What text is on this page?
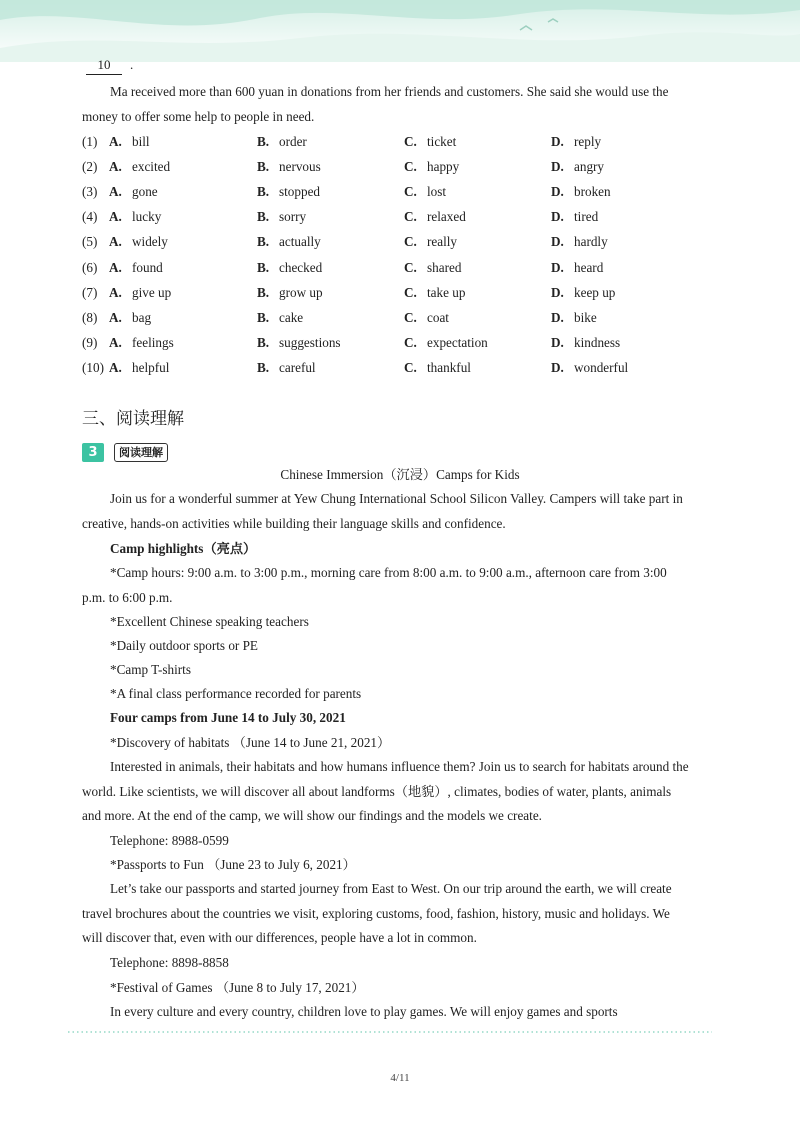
10	.

Ma received more than 600 yuan in donations from her friends and customers. She said she would use the money to offer some help to people in need.

(1) A. bill	B. order	C. ticket	D. reply
(2) A. excited	B. nervous	C. happy	D. angry
(3) A. gone	B. stopped	C. lost	D. broken
(4) A. lucky	B. sorry	C. relaxed	D. tired
(5) A. widely	B. actually	C. really	D. hardly
(6) A. found	B. checked	C. shared	D. heard
(7) A. give up	B. grow up	C. take up	D. keep up
(8) A. bag	B. cake	C. coat	D. bike
(9) A. feelings	B. suggestions	C. expectation	D. kindness
(10) A. helpful	B. careful	C. thankful	D. wonderful
三、阅读理解
3	阅读理解
Chinese Immersion（沉浸）Camps for Kids

Join us for a wonderful summer at Yew Chung International School Silicon Valley. Campers will take part in creative, hands-on activities while building their language skills and confidence.

Camp highlights（亮点）

*Camp hours: 9:00 a.m. to 3:00 p.m., morning care from 8:00 a.m. to 9:00 a.m., afternoon care from 3:00 p.m. to 6:00 p.m.

*Excellent Chinese speaking teachers
*Daily outdoor sports or PE
*Camp T-shirts
*A final class performance recorded for parents
Four camps from June 14 to July 30, 2021
*Discovery of habitats （June 14 to June 21, 2021）

Interested in animals, their habitats and how humans influence them? Join us to search for habitats around the world. Like scientists, we will discover all about landforms（地貌）, climates, bodies of water, plants, animals and more. At the end of the camp, we will show our findings and the models we create.

Telephone: 8988-0599
*Passports to Fun （June 23 to July 6, 2021）

Let’s take our passports and started journey from East to West. On our trip around the earth, we will create travel brochures about the countries we visit, exploring customs, food, fashion, history, music and holidays. We will discover that, even with our differences, people have a lot in common.

Telephone: 8898-8858
*Festival of Games （June 8 to July 17, 2021）

In every culture and every country, children love to play games. We will enjoy games and sports

4/11
